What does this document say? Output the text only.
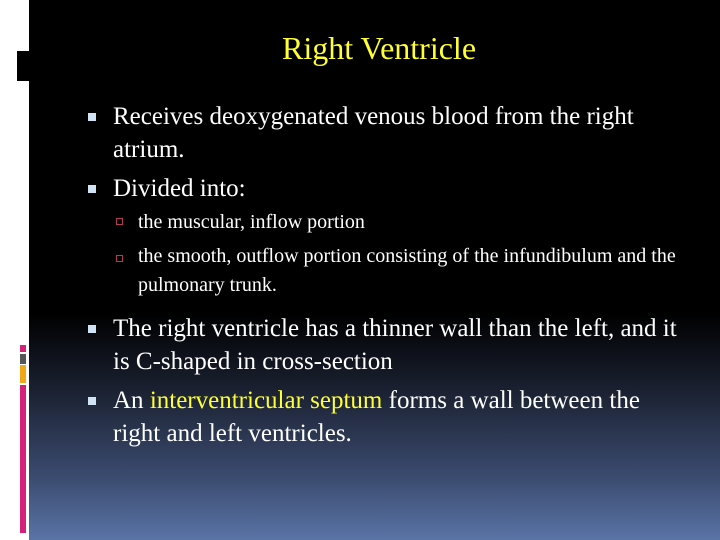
Right Ventricle
Receives deoxygenated venous blood from the right atrium.
Divided into:
the muscular, inflow portion
the smooth, outflow portion consisting of the infundibulum and the pulmonary trunk.
The right ventricle has a thinner wall than the left, and it is C-shaped in cross-section
An interventricular septum forms a wall between the right and left ventricles.
